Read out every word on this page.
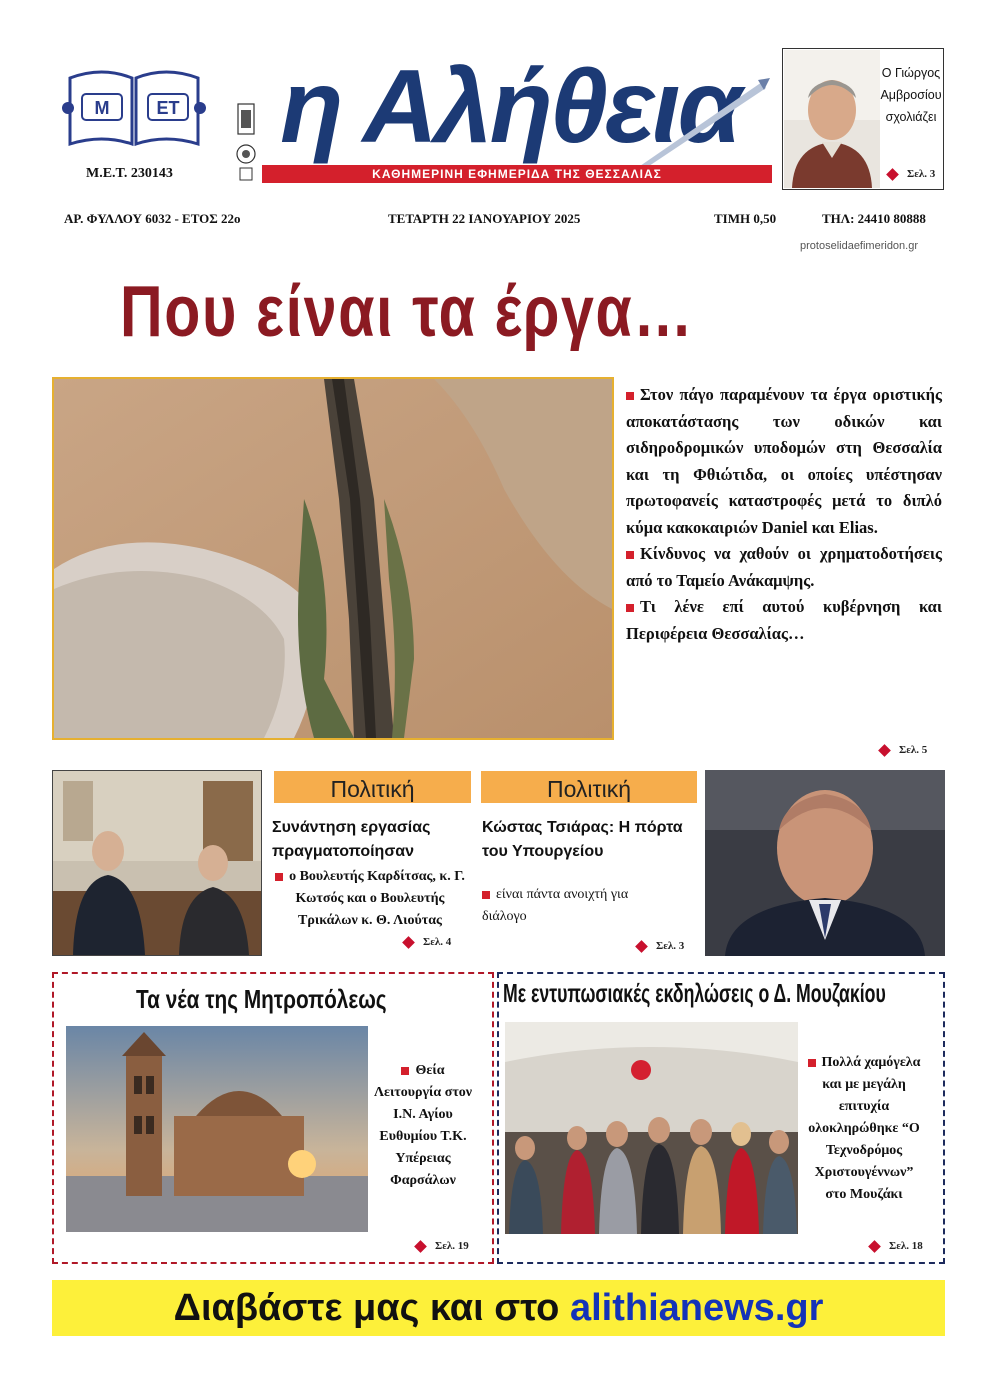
Μ	ΕΤ
Μ.Ε.Τ. 230143
η Αλήθεια
ΚΑΘΗΜΕΡΙΝΗ ΕΦΗΜΕΡΙΔΑ ΤΗΣ ΘΕΣΣΑΛΙΑΣ
Ο Γιώργος
Αμβροσίου
σχολιάζει
Σελ. 3
ΑΡ. ΦΥΛΛΟΥ 6032 - ΕΤΟΣ 22ο	ΤΕΤΑΡΤΗ 22 ΙΑΝΟΥΑΡΙΟΥ 2025	ΤΙΜΗ 0,50	ΤΗΛ: 24410 80888
protoselidaefimeridon.gr
Που είναι τα έργα…

Στον πάγο παραμένουν τα έργα οριστικής αποκατάστασης των οδικών και σιδηροδρομικών υποδομών στη Θεσσαλία και τη Φθιώτιδα, οι οποίες υπέστησαν πρωτοφανείς καταστροφές μετά το διπλό κύμα κακοκαιριών Daniel και Elias.

Κίνδυνος να χαθούν οι χρηματοδοτήσεις από το Ταμείο Ανάκαμψης.

Τι λένε επί αυτού κυβέρνηση και Περιφέρεια Θεσσαλίας…

Σελ. 5
Πολιτική
Συνάντηση εργασίας πραγματοποίησαν
ο Βουλευτής Καρδίτσας, κ. Γ. Κωτσός και ο Βουλευτής Τρικάλων κ. Θ. Λιούτας
Σελ. 4
Πολιτική
Κώστας Τσιάρας: Η πόρτα του Υπουργείου
είναι πάντα ανοιχτή για διάλογο
Σελ. 3
Τα νέα της Μητροπόλεως
Θεία Λειτουργία στον Ι.Ν. Αγίου Ευθυμίου Τ.Κ. Υπέρειας Φαρσάλων
Σελ. 19
Με εντυπωσιακές εκδηλώσεις ο Δ. Μουζακίου
Πολλά χαμόγελα και με μεγάλη επιτυχία ολοκληρώθηκε “Ο Τεχνοδρόμος Χριστουγέννων” στο Μουζάκι
Σελ. 18
Διαβάστε μας και στο alithianews.gr
